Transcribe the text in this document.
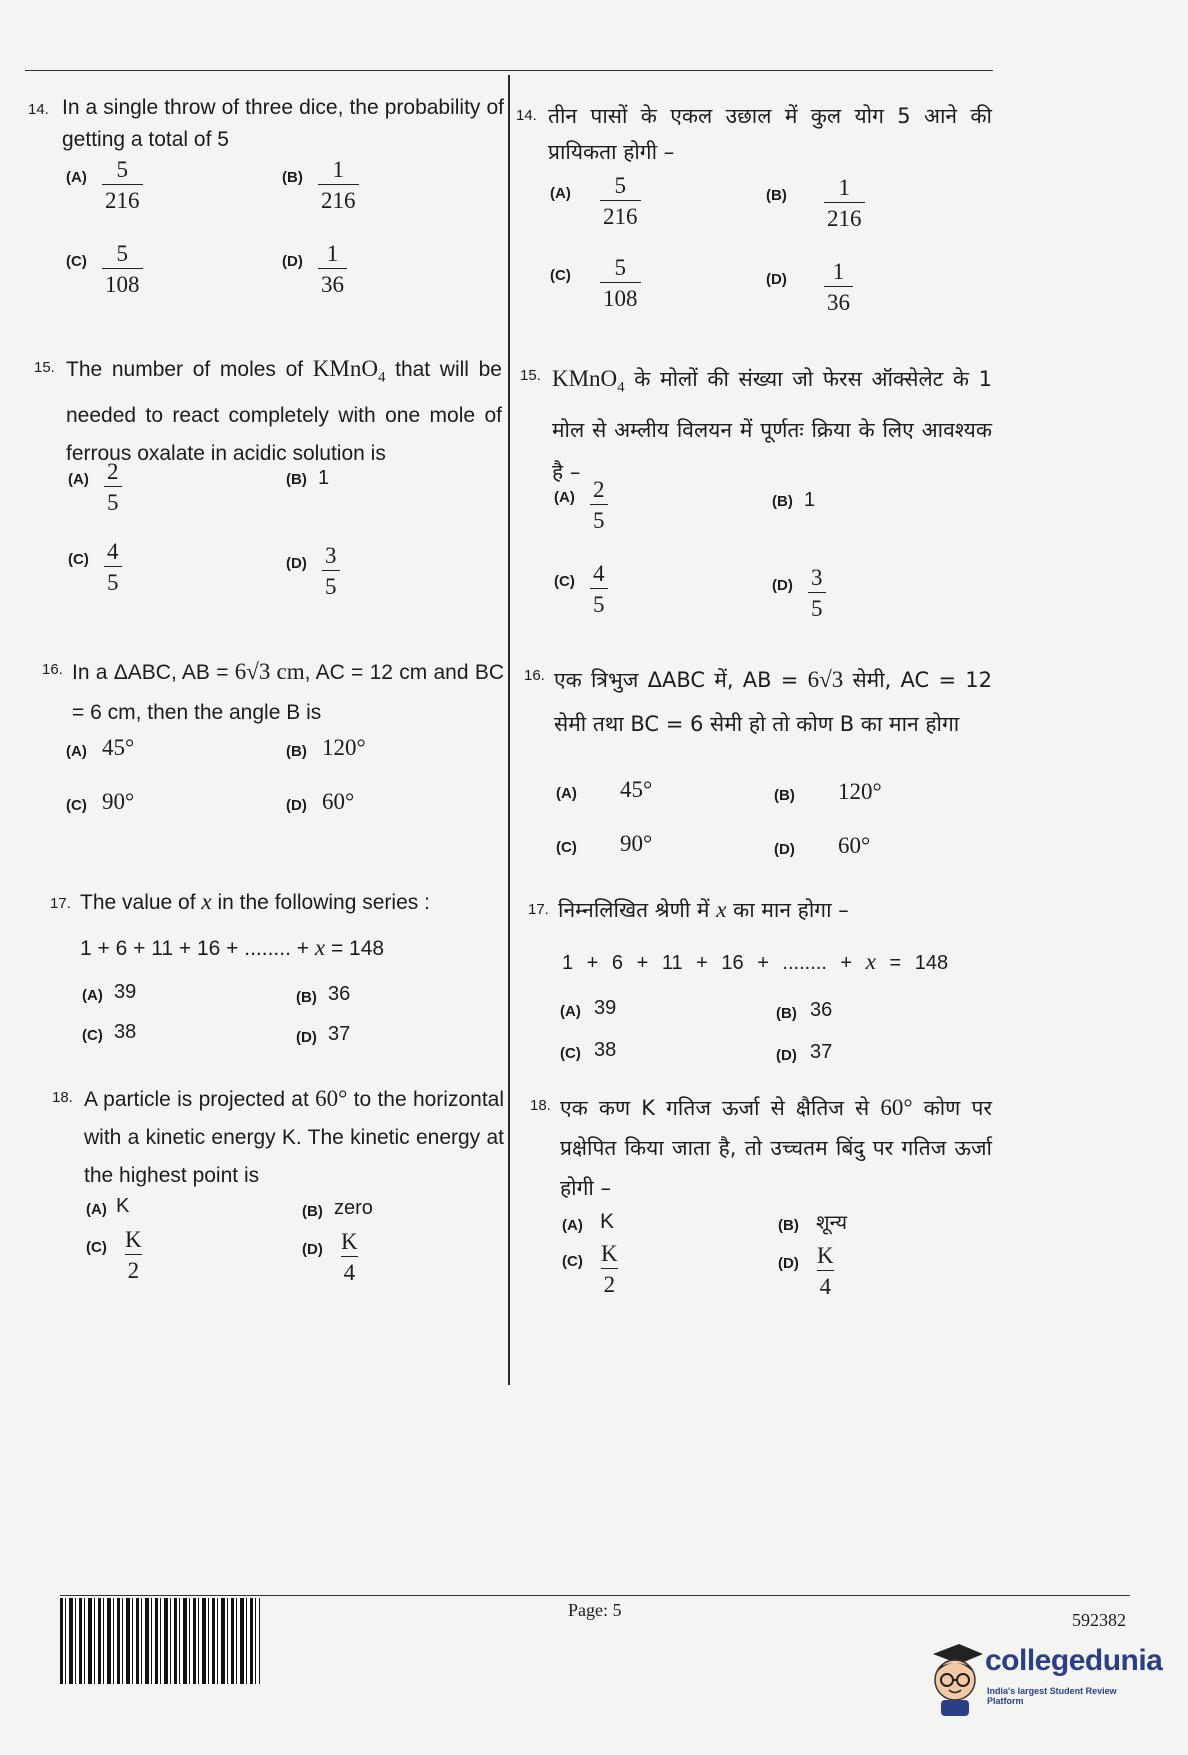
14. In a single throw of three dice, the probability of getting a total of 5
$(A) \frac{5}{216}$	$(B) \frac{1}{216}$
$(C) \frac{5}{108}$	$(D) \frac{1}{36}$
15. The number of moles of KMnO$_4$ that will be needed to react completely with one mole of ferrous oxalate in acidic solution is
$(A) \frac{2}{5}$	(B) 1
$(C) \frac{4}{5}$	$(D) \frac{3}{5}$
16. In a ΔABC, AB = 6√3 cm, AC = 12 cm and BC = 6 cm, then the angle B is
(A) 45°	(B) 120°
(C) 90°	(D) 60°
17. The value of x in the following series :
1 + 6 + 11 + 16 + ........ + x = 148
(A) 39	(B) 36
(C) 38	(D) 37
18. A particle is projected at 60° to the horizontal with a kinetic energy K. The kinetic energy at the highest point is
(A) K	(B) zero
$(C) \frac{K}{2}$	$(D) \frac{K}{4}$
14. तीन पासों के एकल उछाल में कुल योग 5 आने की प्रायिकता होगी –
$(A) \frac{5}{216}$	$(B) \frac{1}{216}$
$(C) \frac{5}{108}$	$(D) \frac{1}{36}$
15. KMnO$_4$ के मोलों की संख्या जो फेरस ऑक्सेलेट के 1 मोल से अम्लीय विलयन में पूर्णतः क्रिया के लिए आवश्यक है –
$(A) \frac{2}{5}$	(B) 1
$(C) \frac{4}{5}$	$(D) \frac{3}{5}$
16. एक त्रिभुज ΔABC में, AB = 6√3 सेमी, AC = 12 सेमी तथा BC = 6 सेमी हो तो कोण B का मान होगा
(A) 45°	(B) 120°
(C) 90°	(D) 60°
17. निम्नलिखित श्रेणी में x का मान होगा –
1 + 6 + 11 + 16 + ........ + x = 148
(A) 39	(B) 36
(C) 38	(D) 37
18. एक कण K गतिज ऊर्जा से क्षैतिज से 60° कोण पर प्रक्षेपित किया जाता है, तो उच्चतम बिंदु पर गतिज ऊर्जा होगी –
(A) K	(B) शून्य
$(C) \frac{K}{2}$	$(D) \frac{K}{4}$
Page: 5	592382
collegedunia
India's largest Student Review Platform
